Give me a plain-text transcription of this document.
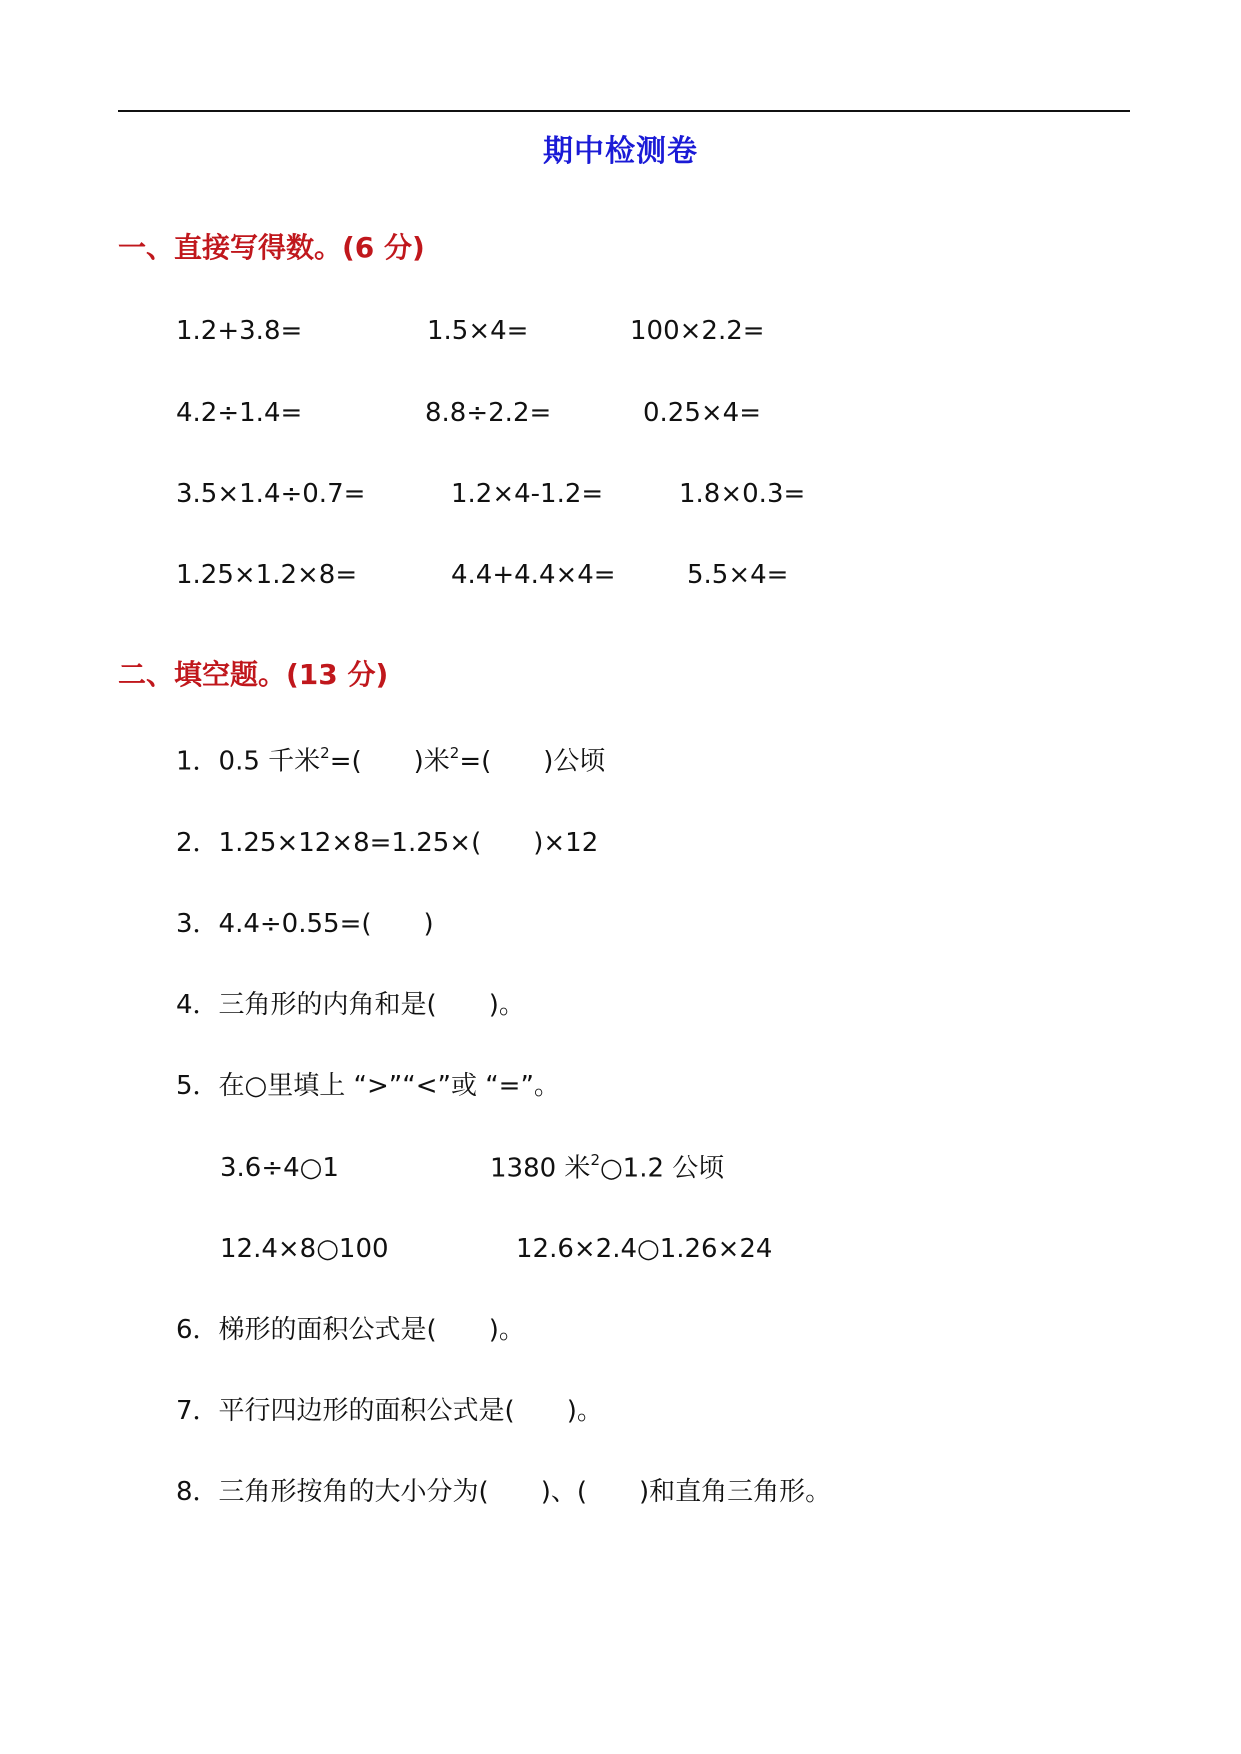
期中检测卷
一、直接写得数。(6 分)
1.2+3.8=	1.5×4=	100×2.2=
4.2÷1.4=	8.8÷2.2=	0.25×4=
3.5×1.4÷0.7=	1.2×4-1.2=	1.8×0.3=
1.25×1.2×8=	4.4+4.4×4=	5.5×4=
二、填空题。(13 分)
1．0.5 千米$^2$=(　　)米$^2$=(　　)公顷
2．1.25×12×8=1.25×(　　)×12
3．4.4÷0.55=(　　)
4．三角形的内角和是(　　)。
5．在○里填上 “>”“<”或 “=”。
3.6÷4○1	1380 米$^2$○1.2 公顷
12.4×8○100	12.6×2.4○1.26×24
6．梯形的面积公式是(　　)。
7．平行四边形的面积公式是(　　)。
8．三角形按角的大小分为(　　)、(　　)和直角三角形。
